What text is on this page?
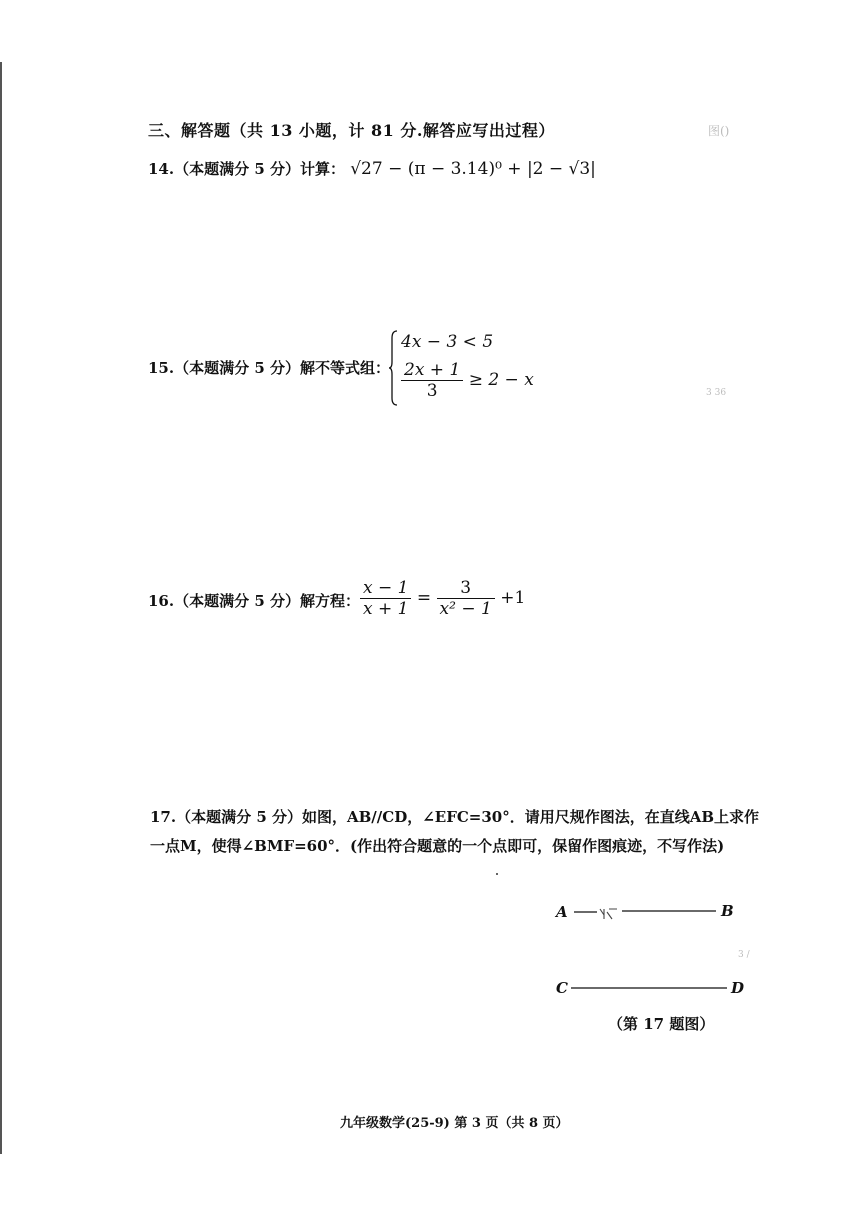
三、解答题（共 13 小题，计 81 分.解答应写出过程）	图()
14.（本题满分 5 分）计算： √27 − (π − 3.14)⁰ + |2 − √3|
15.（本题满分 5 分）解不等式组：
4x − 3 < 5
$\frac{2x + 1}{3} \ge 2 - x$
3 36
16.（本题满分 5 分）解方程： $\frac{x - 1}{x + 1} = \frac{3}{\text{x² − 1}} +1$
17.（本题满分 5 分）如图，AB//CD，∠EFC=30°．请用尺规作图法，在直线AB上求作
一点M，使得∠BMF=60°．(作出符合题意的一个点即可，保留作图痕迹，不写作法)
A	B
C	D
3 /
（第 17 题图）
九年级数学(25-9) 第 3 页（共 8 页）
